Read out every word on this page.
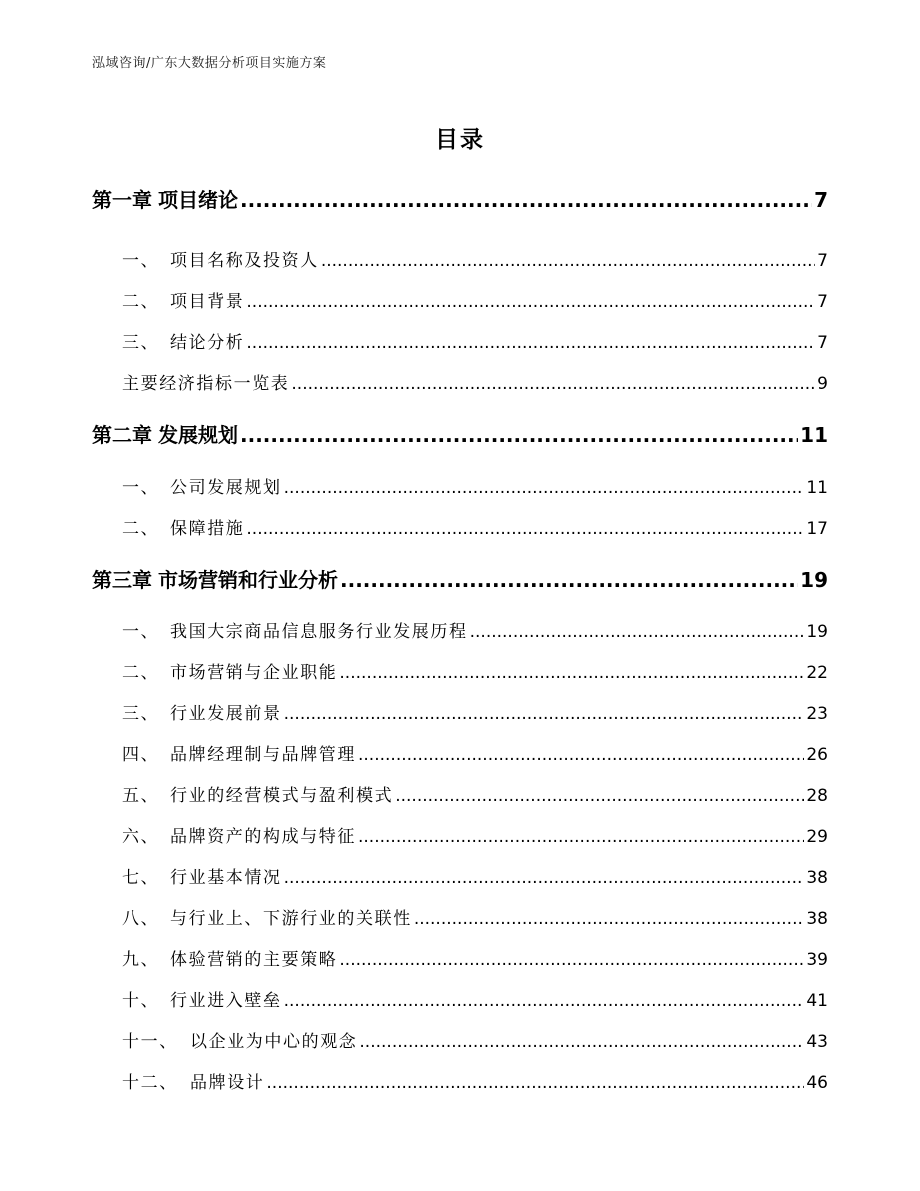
泓域咨询/广东大数据分析项目实施方案
目录
第一章 项目绪论 .....	7
一、 项目名称及投资人 .....	7
二、 项目背景 .....	7
三、 结论分析 .....	7
主要经济指标一览表 .....	9
第二章 发展规划 .....	11
一、 公司发展规划 .....	11
二、 保障措施 .....	17
第三章 市场营销和行业分析 .....	19
一、 我国大宗商品信息服务行业发展历程 .....	19
二、 市场营销与企业职能 .....	22
三、 行业发展前景 .....	23
四、 品牌经理制与品牌管理 .....	26
五、 行业的经营模式与盈利模式 .....	28
六、 品牌资产的构成与特征 .....	29
七、 行业基本情况 .....	38
八、 与行业上、下游行业的关联性 .....	38
九、 体验营销的主要策略 .....	39
十、 行业进入壁垒 .....	41
十一、 以企业为中心的观念 .....	43
十二、 品牌设计 .....	46
